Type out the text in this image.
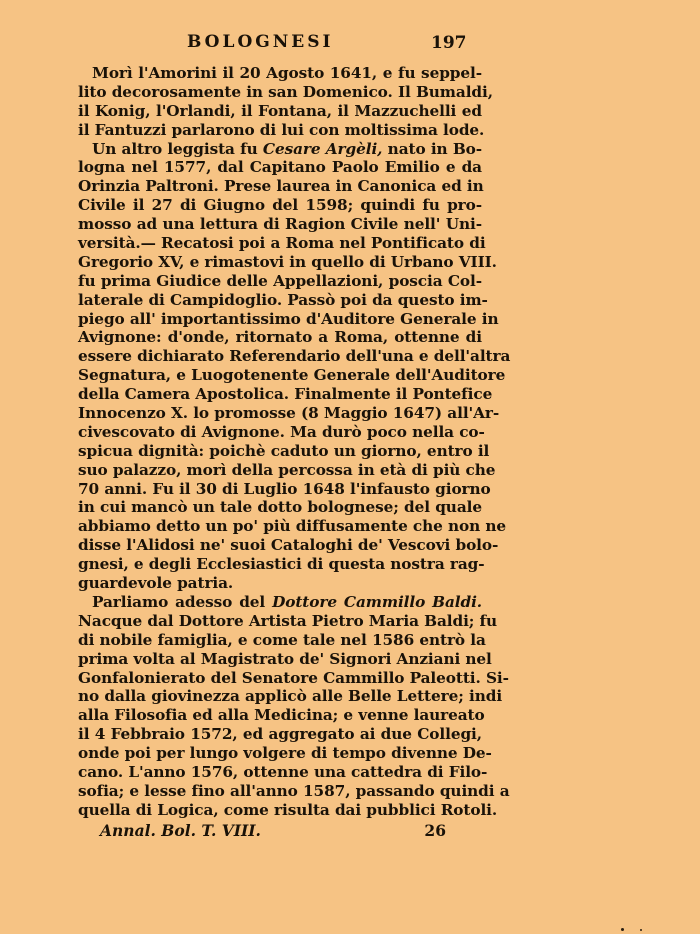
BOLOGNESI	197
Morì l'Amorini il 20 Agosto 1641, e fu seppel-
lito decorosamente in san Domenico. Il Bumaldi,
il Konig, l'Orlandi, il Fontana, il Mazzuchelli ed
il Fantuzzi parlarono di lui con moltissima lode.
Un altro leggista fu Cesare Argèli, nato in Bo-
logna nel 1577, dal Capitano Paolo Emilio e da
Orinzia Paltroni. Prese laurea in Canonica ed in
Civile il 27 di Giugno del 1598; quindi fu pro-
mosso ad una lettura di Ragion Civile nell' Uni-
versità.— Recatosi poi a Roma nel Pontificato di
Gregorio XV, e rimastovi in quello di Urbano VIII.
fu prima Giudice delle Appellazioni, poscia Col-
laterale di Campidoglio. Passò poi da questo im-
piego all' importantissimo d'Auditore Generale in
Avignone: d'onde, ritornato a Roma, ottenne di
essere dichiarato Referendario dell'una e dell'altra
Segnatura, e Luogotenente Generale dell'Auditore
della Camera Apostolica. Finalmente il Pontefice
Innocenzo X. lo promosse (8 Maggio 1647) all'Ar-
civescovato di Avignone. Ma durò poco nella co-
spicua dignità: poichè caduto un giorno, entro il
suo palazzo, morì della percossa in età di più che
70 anni. Fu il 30 di Luglio 1648 l'infausto giorno
in cui mancò un tale dotto bolognese; del quale
abbiamo detto un po' più diffusamente che non ne
disse l'Alidosi ne' suoi Cataloghi de' Vescovi bolo-
gnesi, e degli Ecclesiastici di questa nostra rag-
guardevole patria.
Parliamo adesso del Dottore Cammillo Baldi.
Nacque dal Dottore Artista Pietro Maria Baldi; fu
di nobile famiglia, e come tale nel 1586 entrò la
prima volta al Magistrato de' Signori Anziani nel
Gonfalonierato del Senatore Cammillo Paleotti. Si-
no dalla giovinezza applicò alle Belle Lettere; indi
alla Filosofia ed alla Medicina; e venne laureato
il 4 Febbraio 1572, ed aggregato ai due Collegi,
onde poi per lungo volgere di tempo divenne De-
cano. L'anno 1576, ottenne una cattedra di Filo-
sofia; e lesse fino all'anno 1587, passando quindi a
quella di Logica, come risulta dai pubblici Rotoli.
Annal. Bol. T. VIII.	26
